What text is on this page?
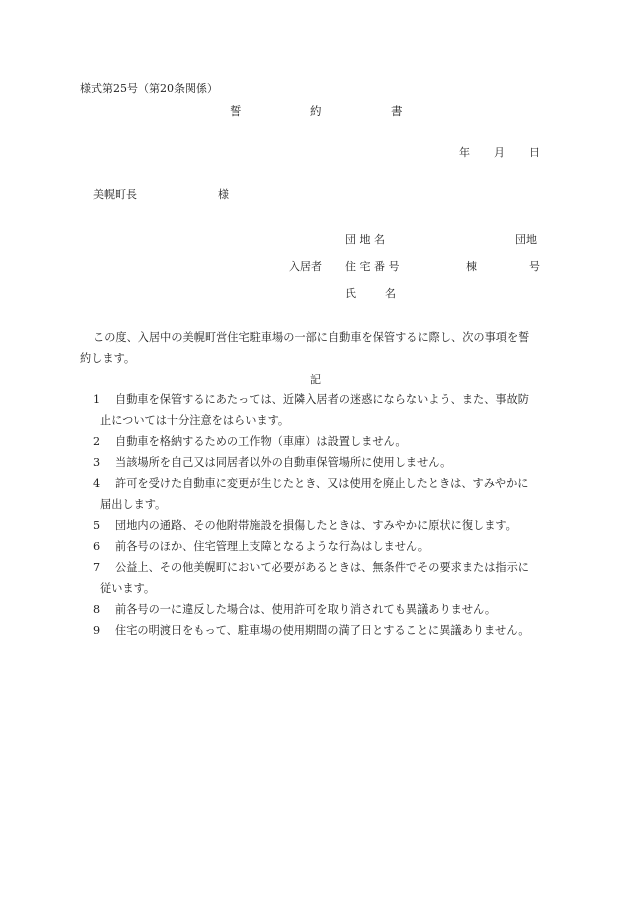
様式第25号（第20条関係）
誓	約	書
年 月 日
美幌町長	様
団 地 名	団地
入居者 住 宅 番 号	棟	号
氏	名
この度、入居中の美幌町営住宅駐車場の一部に自動車を保管するに際し、次の事項を誓
約します。
記
1	自動車を保管するにあたっては、近隣入居者の迷惑にならないよう、また、事故防
止については十分注意をはらいます。
2	自動車を格納するための工作物（車庫）は設置しません。
3	当該場所を自己又は同居者以外の自動車保管場所に使用しません。
4	許可を受けた自動車に変更が生じたとき、又は使用を廃止したときは、すみやかに
届出します。
5	団地内の通路、その他附帯施設を損傷したときは、すみやかに原状に復します。
6	前各号のほか、住宅管理上支障となるような行為はしません。
7	公益上、その他美幌町において必要があるときは、無条件でその要求または指示に
従います。
8	前各号の一に違反した場合は、使用許可を取り消されても異議ありません。
9	住宅の明渡日をもって、駐車場の使用期間の満了日とすることに異議ありません。
